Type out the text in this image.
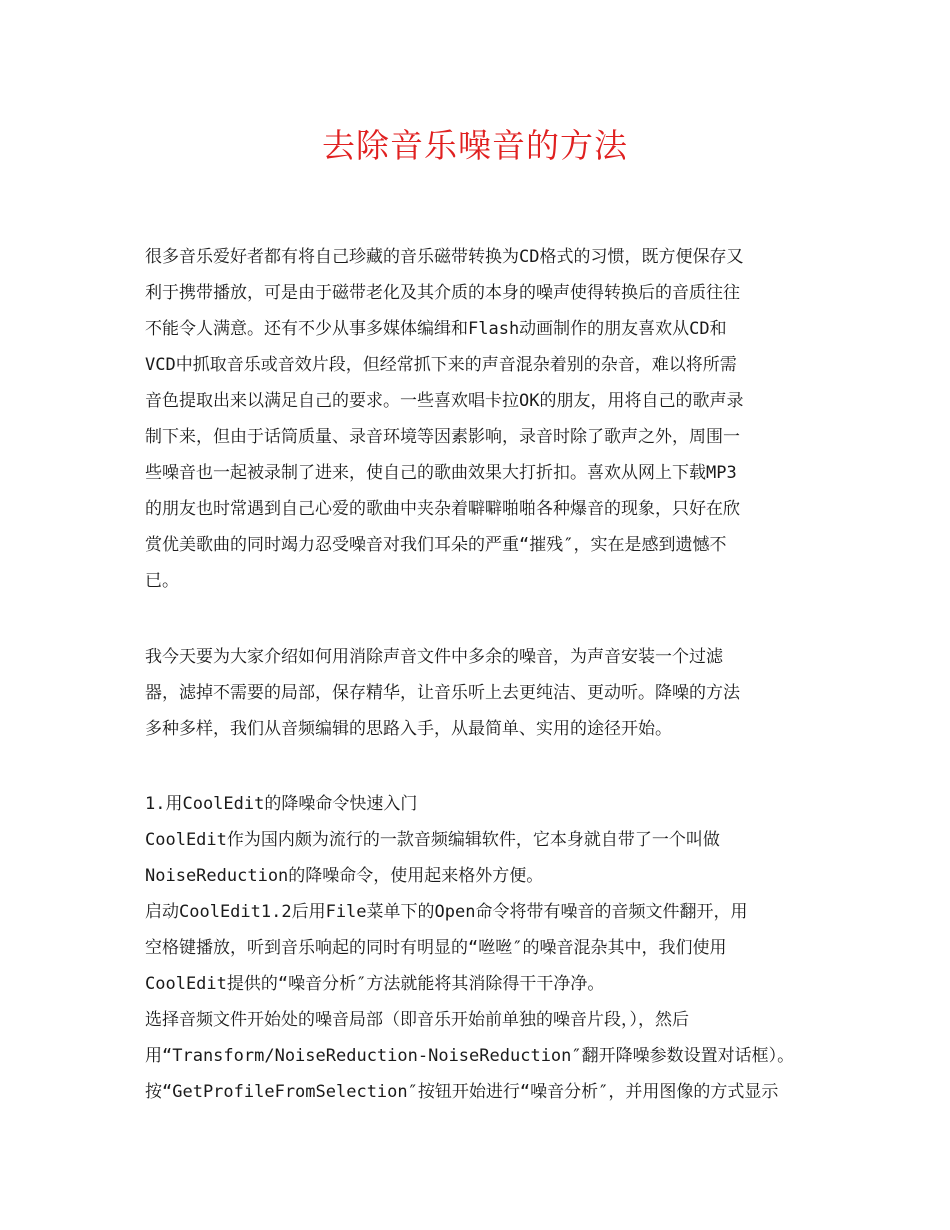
去除音乐噪音的方法
很多音乐爱好者都有将自己珍藏的音乐磁带转换为CD格式的习惯，既方便保存又
利于携带播放，可是由于磁带老化及其介质的本身的噪声使得转换后的音质往往
不能令人满意。还有不少从事多媒体编缉和Flash动画制作的朋友喜欢从CD和
VCD中抓取音乐或音效片段，但经常抓下来的声音混杂着别的杂音，难以将所需
音色提取出来以满足自己的要求。一些喜欢唱卡拉OK的朋友，用将自己的歌声录
制下来，但由于话筒质量、录音环境等因素影响，录音时除了歌声之外，周围一
些噪音也一起被录制了进来，使自己的歌曲效果大打折扣。喜欢从网上下载MP3
的朋友也时常遇到自己心爱的歌曲中夹杂着噼噼啪啪各种爆音的现象，只好在欣
赏优美歌曲的同时竭力忍受噪音对我们耳朵的严重“摧残″，实在是感到遗憾不
已。
我今天要为大家介绍如何用消除声音文件中多余的噪音，为声音安装一个过滤
器，滤掉不需要的局部，保存精华，让音乐听上去更纯洁、更动听。降噪的方法
多种多样，我们从音频编辑的思路入手，从最简单、实用的途径开始。
1.用CoolEdit的降噪命令快速入门
CoolEdit作为国内颇为流行的一款音频编辑软件，它本身就自带了一个叫做
NoiseReduction的降噪命令，使用起来格外方便。
启动CoolEdit1.2后用File菜单下的Open命令将带有噪音的音频文件翻开，用
空格键播放，听到音乐响起的同时有明显的“咝咝″的噪音混杂其中，我们使用
CoolEdit提供的“噪音分析″方法就能将其消除得干干净净。
选择音频文件开始处的噪音局部（即音乐开始前单独的噪音片段，），然后
用“Transform/NoiseReduction-NoiseReduction″翻开降噪参数设置对话框）。
按“GetProfileFromSelection″按钮开始进行“噪音分析″，并用图像的方式显示
